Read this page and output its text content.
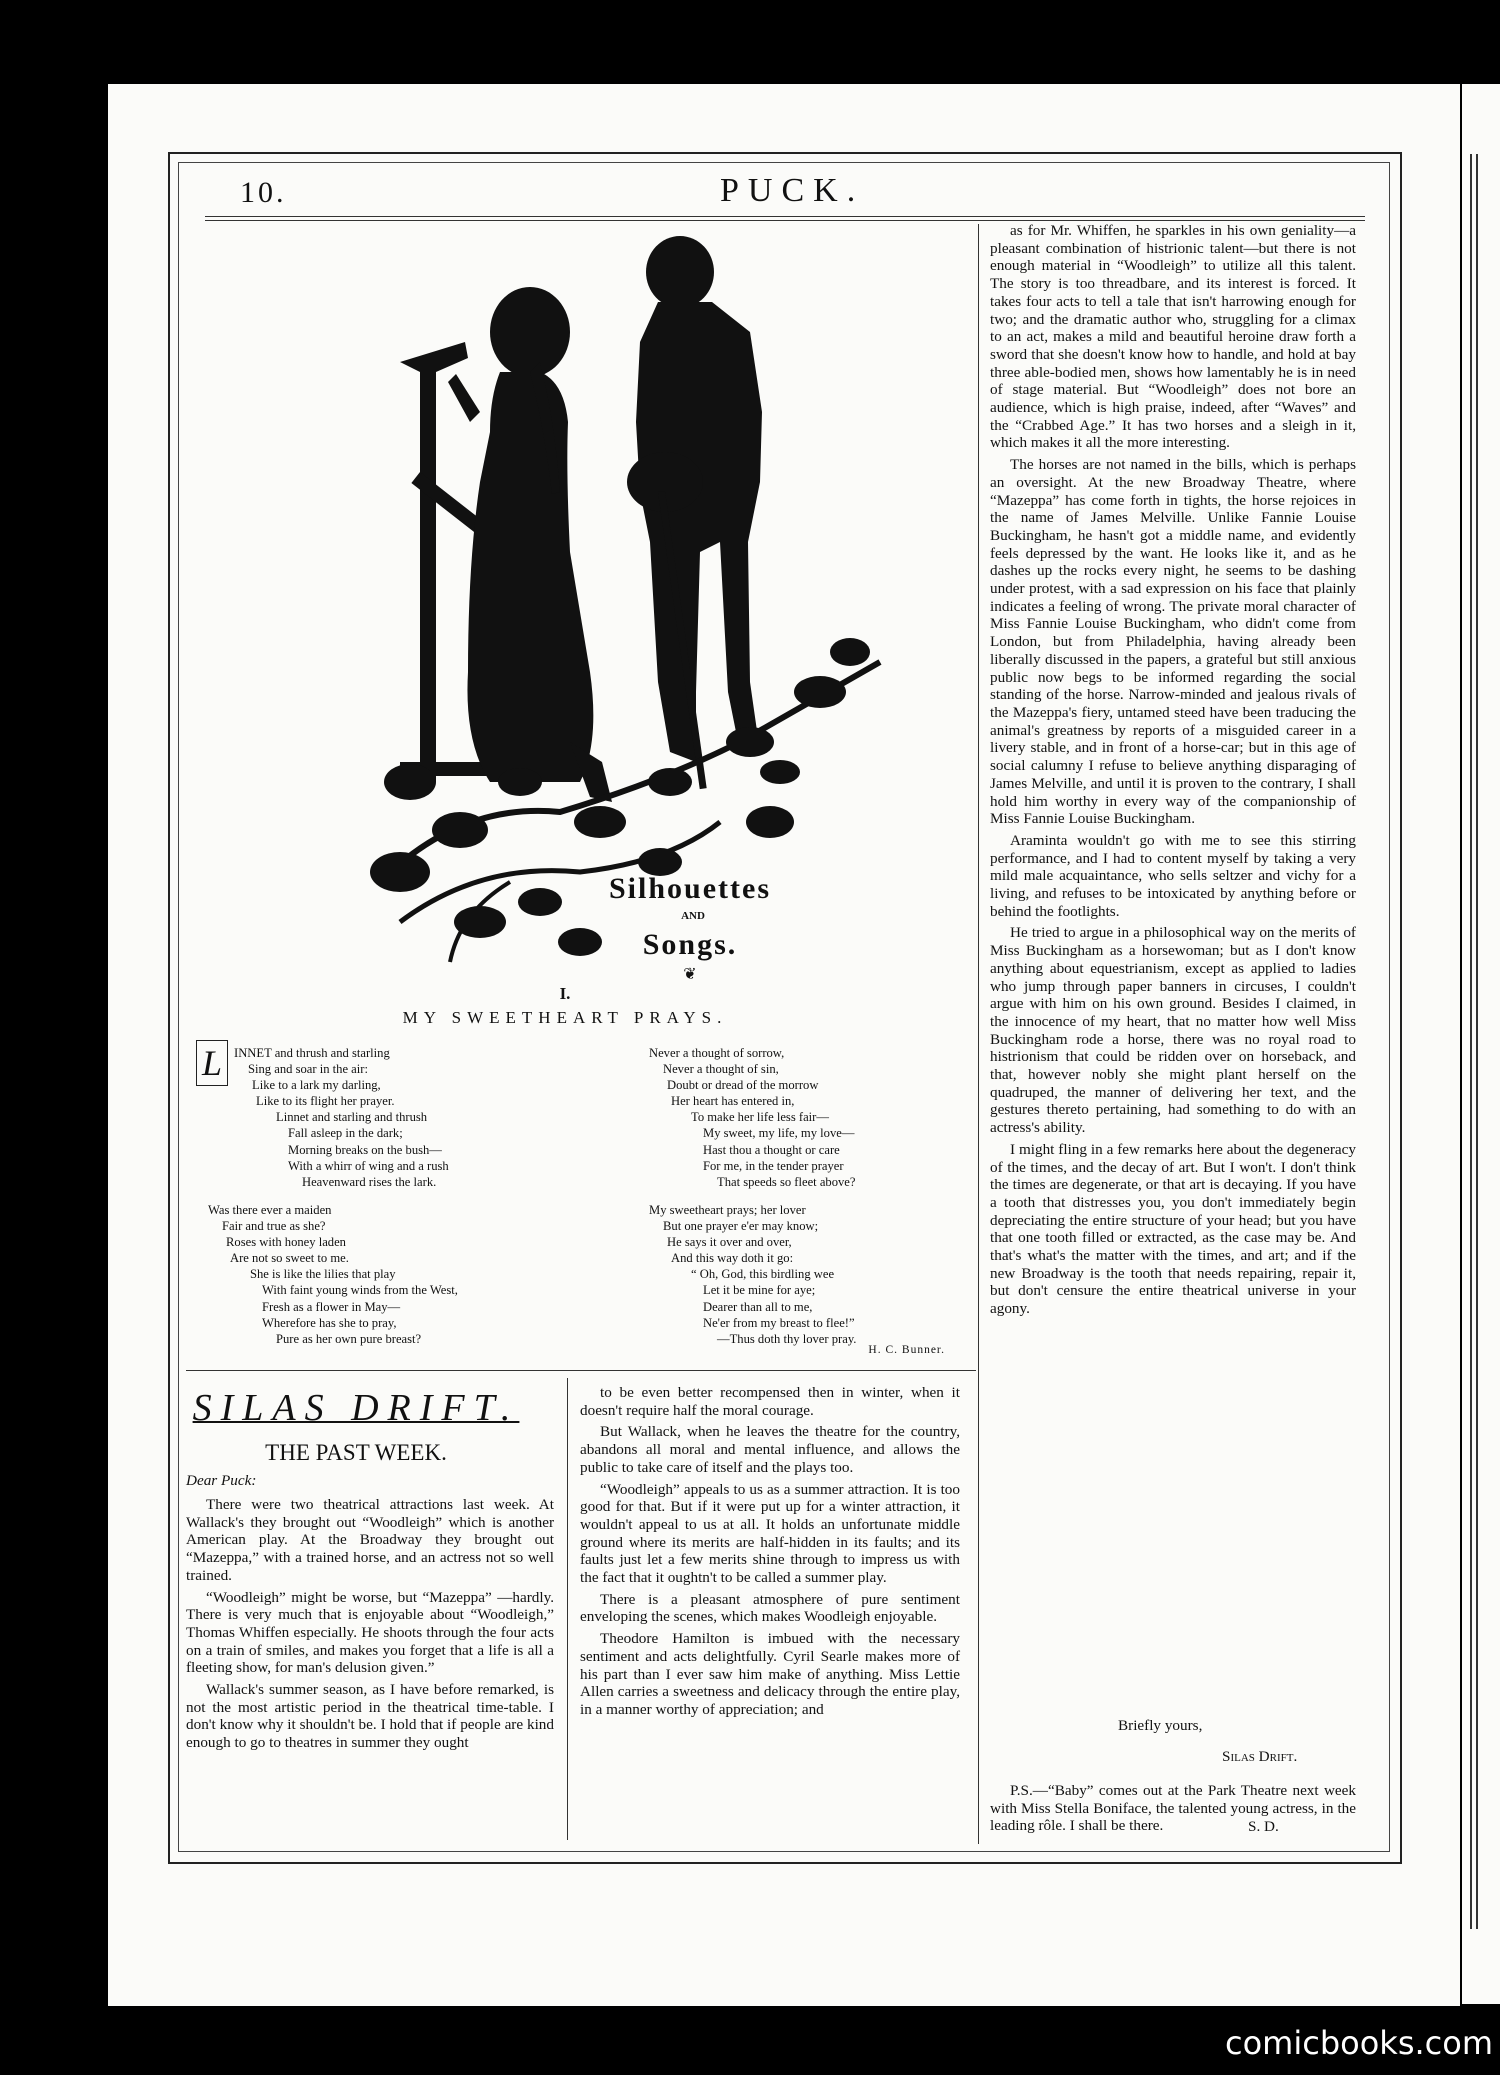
10.	PUCK.
Silhouettes
AND
Songs.
❦
I.
MY SWEETHEART PRAYS.
L INNET and thrush and starling
Sing and soar in the air:
Like to a lark my darling,
Like to its flight her prayer.
Linnet and starling and thrush
Fall asleep in the dark;
Morning breaks on the bush—
With a whirr of wing and a rush
Heavenward rises the lark.
Was there ever a maiden
Fair and true as she?
Roses with honey laden
Are not so sweet to me.
She is like the lilies that play
With faint young winds from the West,
Fresh as a flower in May—
Wherefore has she to pray,
Pure as her own pure breast?
Never a thought of sorrow,
Never a thought of sin,
Doubt or dread of the morrow
Her heart has entered in,
To make her life less fair—
My sweet, my life, my love—
Hast thou a thought or care
For me, in the tender prayer
That speeds so fleet above?
My sweetheart prays; her lover
But one prayer e'er may know;
He says it over and over,
And this way doth it go:
“ Oh, God, this birdling wee
Let it be mine for aye;
Dearer than all to me,
Ne'er from my breast to flee!”
—Thus doth thy lover pray.
H. C. Bunner.
SILAS DRIFT.
THE PAST WEEK.
Dear Puck:

There were two theatrical attractions last week. At Wallack's they brought out “Woodleigh” which is another American play. At the Broadway they brought out “Mazeppa,” with a trained horse, and an actress not so well trained.

“Woodleigh” might be worse, but “Mazeppa” —hardly. There is very much that is enjoyable about “Woodleigh,” Thomas Whiffen especially. He shoots through the four acts on a train of smiles, and makes you forget that a life is all a fleeting show, for man's delusion given.”

Wallack's summer season, as I have before remarked, is not the most artistic period in the theatrical time-table. I don't know why it shouldn't be. I hold that if people are kind enough to go to theatres in summer they ought

to be even better recompensed then in winter, when it doesn't require half the moral courage.

But Wallack, when he leaves the theatre for the country, abandons all moral and mental influence, and allows the public to take care of itself and the plays too.

“Woodleigh” appeals to us as a summer attraction. It is too good for that. But if it were put up for a winter attraction, it wouldn't appeal to us at all. It holds an unfortunate middle ground where its merits are half-hidden in its faults; and its faults just let a few merits shine through to impress us with the fact that it oughtn't to be called a summer play.

There is a pleasant atmosphere of pure sentiment enveloping the scenes, which makes Woodleigh enjoyable.

Theodore Hamilton is imbued with the necessary sentiment and acts delightfully. Cyril Searle makes more of his part than I ever saw him make of anything. Miss Lettie Allen carries a sweetness and delicacy through the entire play, in a manner worthy of appreciation; and

as for Mr. Whiffen, he sparkles in his own geniality—a pleasant combination of histrionic talent—but there is not enough material in “Woodleigh” to utilize all this talent. The story is too threadbare, and its interest is forced. It takes four acts to tell a tale that isn't harrowing enough for two; and the dramatic author who, struggling for a climax to an act, makes a mild and beautiful heroine draw forth a sword that she doesn't know how to handle, and hold at bay three able-bodied men, shows how lamentably he is in need of stage material. But “Woodleigh” does not bore an audience, which is high praise, indeed, after “Waves” and the “Crabbed Age.” It has two horses and a sleigh in it, which makes it all the more interesting.

The horses are not named in the bills, which is perhaps an oversight. At the new Broadway Theatre, where “Mazeppa” has come forth in tights, the horse rejoices in the name of James Melville. Unlike Fannie Louise Buckingham, he hasn't got a middle name, and evidently feels depressed by the want. He looks like it, and as he dashes up the rocks every night, he seems to be dashing under protest, with a sad expression on his face that plainly indicates a feeling of wrong. The private moral character of Miss Fannie Louise Buckingham, who didn't come from London, but from Philadelphia, having already been liberally discussed in the papers, a grateful but still anxious public now begs to be informed regarding the social standing of the horse. Narrow-minded and jealous rivals of the Mazeppa's fiery, untamed steed have been traducing the animal's greatness by reports of a misguided career in a livery stable, and in front of a horse-car; but in this age of social calumny I refuse to believe anything disparaging of James Melville, and until it is proven to the contrary, I shall hold him worthy in every way of the companionship of Miss Fannie Louise Buckingham.

Araminta wouldn't go with me to see this stirring performance, and I had to content myself by taking a very mild male acquaintance, who sells seltzer and vichy for a living, and refuses to be intoxicated by anything before or behind the footlights.

He tried to argue in a philosophical way on the merits of Miss Buckingham as a horsewoman; but as I don't know anything about equestrianism, except as applied to ladies who jump through paper banners in circuses, I couldn't argue with him on his own ground. Besides I claimed, in the innocence of my heart, that no matter how well Miss Buckingham rode a horse, there was no royal road to histrionism that could be ridden over on horseback, and that, however nobly she might plant herself on the quadruped, the manner of delivering her text, and the gestures thereto pertaining, had something to do with an actress's ability.

I might fling in a few remarks here about the degeneracy of the times, and the decay of art. But I won't. I don't think the times are degenerate, or that art is decaying. If you have a tooth that distresses you, you don't immediately begin depreciating the entire structure of your head; but you have that one tooth filled or extracted, as the case may be. And that's what's the matter with the times, and art; and if the new Broadway is the tooth that needs repairing, repair it, but don't censure the entire theatrical universe in your agony.

Briefly yours,
Silas Drift.

P.S.—“Baby” comes out at the Park Theatre next week with Miss Stella Boniface, the talented young actress, in the leading rôle. I shall be there.	S. D.
comicbooks.com
